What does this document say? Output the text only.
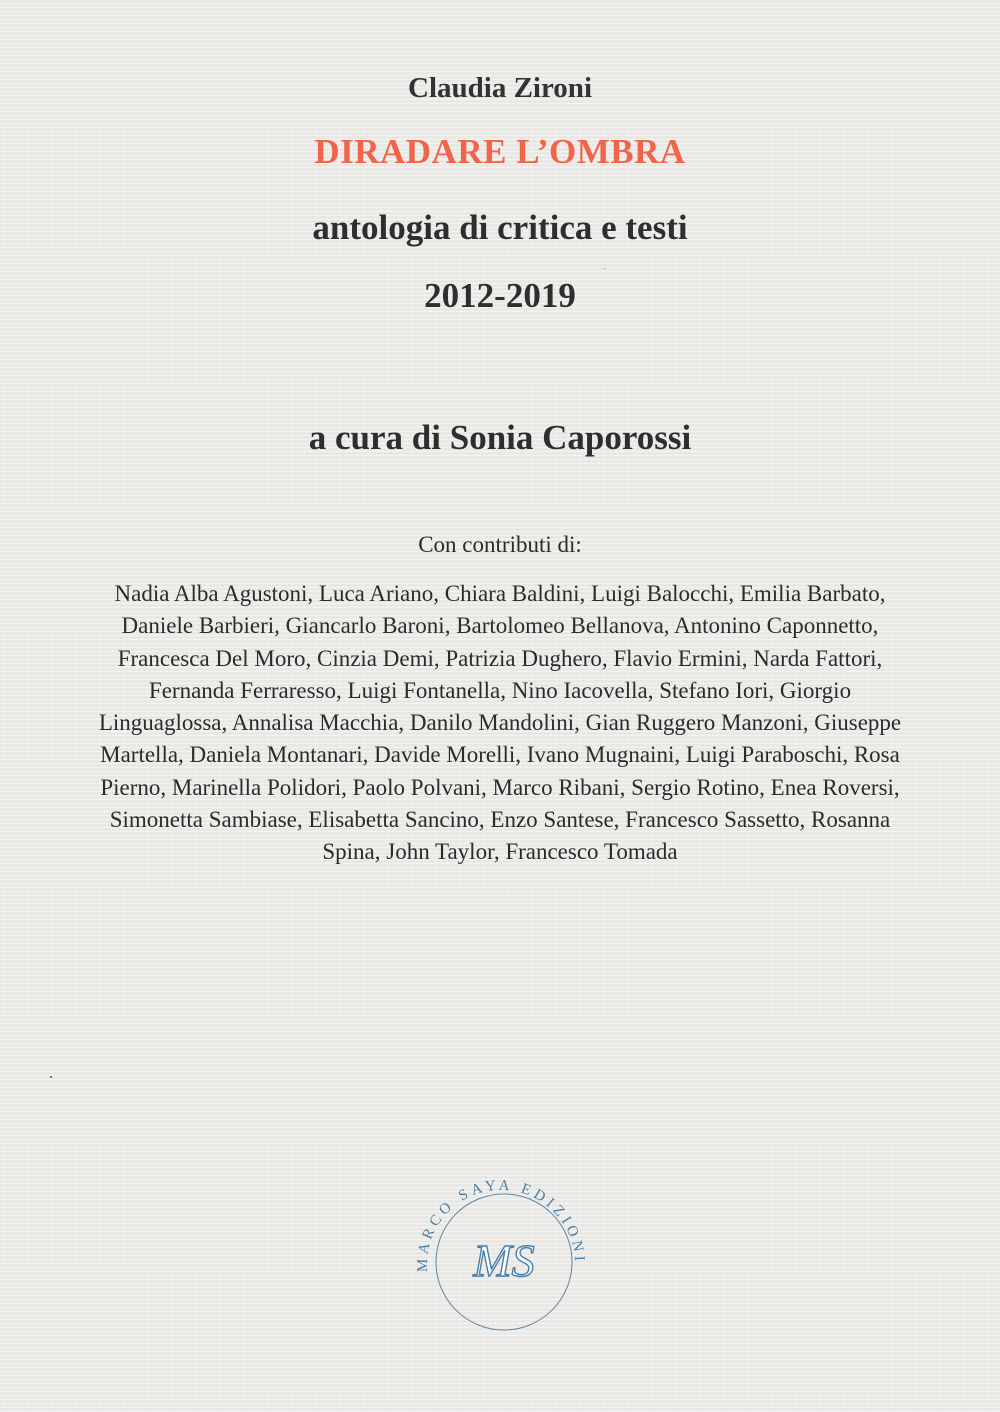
Claudia Zironi
DIRADARE L’OMBRA
antologia di critica e testi
2012-2019
a cura di Sonia Caporossi
Con contributi di:
Nadia Alba Agustoni, Luca Ariano, Chiara Baldini, Luigi Balocchi, Emilia Barbato, Daniele Barbieri, Giancarlo Baroni, Bartolomeo Bellanova, Antonino Caponnetto, Francesca Del Moro, Cinzia Demi, Patrizia Dughero, Flavio Ermini, Narda Fattori, Fernanda Ferraresso, Luigi Fontanella, Nino Iacovella, Stefano Iori, Giorgio Linguaglossa, Annalisa Macchia, Danilo Mandolini, Gian Ruggero Manzoni, Giuseppe Martella, Daniela Montanari, Davide Morelli, Ivano Mugnaini, Luigi Paraboschi, Rosa Pierno, Marinella Polidori, Paolo Polvani, Marco Ribani, Sergio Rotino, Enea Roversi, Simonetta Sambiase, Elisabetta Sancino, Enzo Santese, Francesco Sassetto, Rosanna Spina, John Taylor, Francesco Tomada
MARCO SAYA EDIZIONI
MS
